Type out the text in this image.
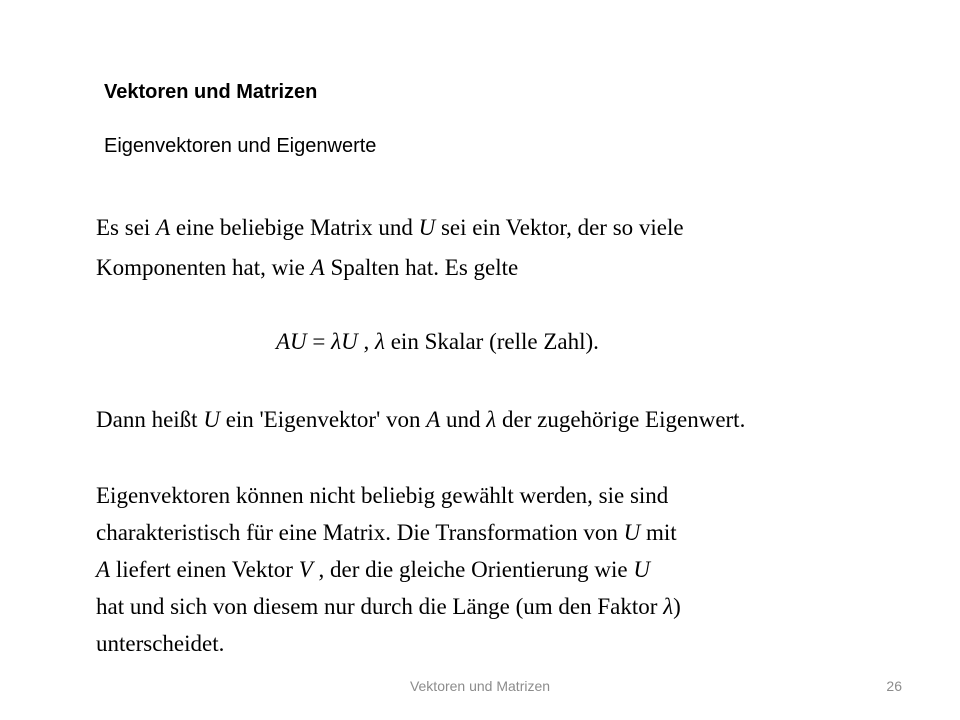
Vektoren und Matrizen
Eigenvektoren und Eigenwerte
Es sei A eine beliebige Matrix und U sei ein Vektor, der so viele
Komponenten hat, wie A Spalten hat. Es gelte
AU = λU , λ ein Skalar (relle Zahl).
Dann heißt U ein 'Eigenvektor' von A und λ der zugehörige Eigenwert.
Eigenvektoren können nicht beliebig gewählt werden, sie sind
charakteristisch für eine Matrix. Die Transformation von U mit
A liefert einen Vektor V , der die gleiche Orientierung wie U
hat und sich von diesem nur durch die Länge (um den Faktor λ)
unterscheidet.
Vektoren und Matrizen	26
